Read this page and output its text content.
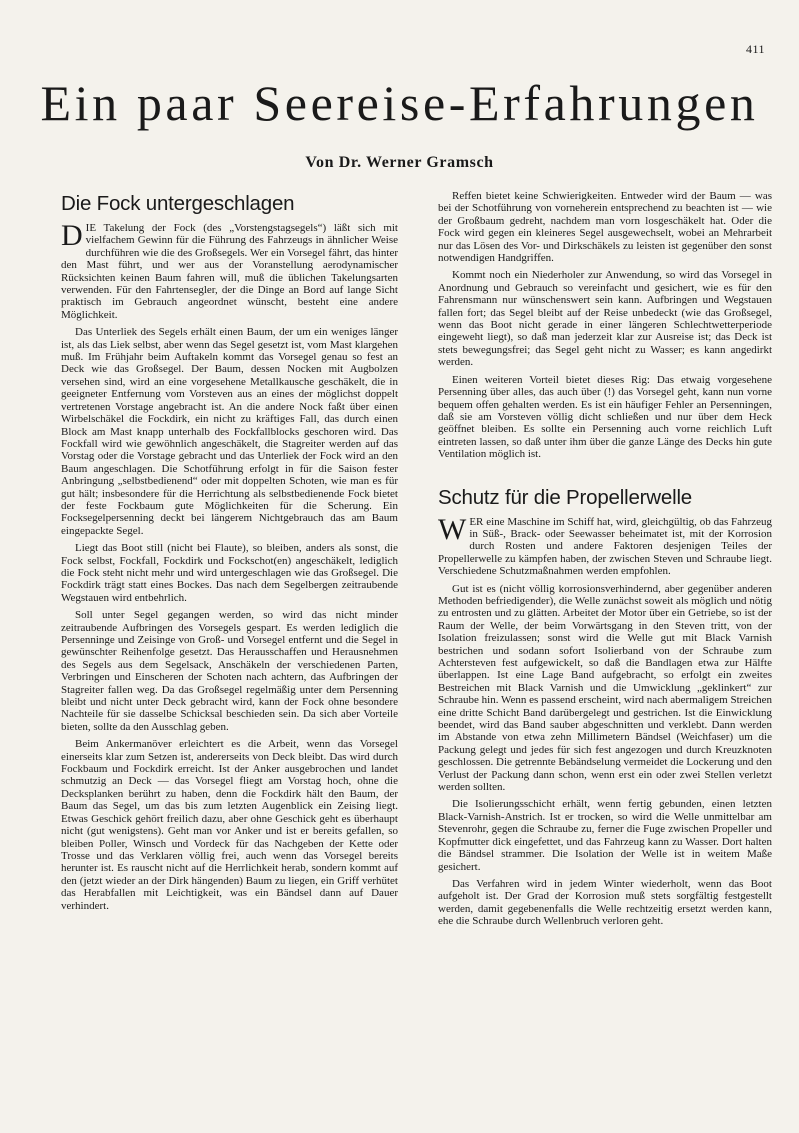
411
Ein paar Seereise-Erfahrungen
Von Dr. Werner Gramsch
Die Fock untergeschlagen

DIE Takelung der Fock (des „Vorstengstagsegels“) läßt sich mit vielfachem Gewinn für die Führung des Fahrzeugs in ähnlicher Weise durchführen wie die des Großsegels. Wer ein Vorsegel fährt, das hinter den Mast führt, und wer aus der Voranstellung aerodynamischer Rücksichten keinen Baum fahren will, muß die üblichen Takelungsarten verwenden. Für den Fahrtensegler, der die Dinge an Bord auf lange Sicht praktisch im Gebrauch angeordnet wünscht, besteht eine andere Möglichkeit.

Das Unterliek des Segels erhält einen Baum, der um ein weniges länger ist, als das Liek selbst, aber wenn das Segel gesetzt ist, vom Mast klargehen muß. Im Frühjahr beim Auftakeln kommt das Vorsegel genau so fest an Deck wie das Großsegel. Der Baum, dessen Nocken mit Augbolzen versehen sind, wird an eine vorgesehene Metallkausche geschäkelt, die in geeigneter Entfernung vom Vorsteven aus an eines der möglichst doppelt vertretenen Vorstage angebracht ist. An die andere Nock faßt über einen Wirbelschäkel die Fockdirk, ein nicht zu kräftiges Fall, das durch einen Block am Mast knapp unterhalb des Fockfallblocks geschoren wird. Das Fockfall wird wie gewöhnlich angeschäkelt, die Stagreiter werden auf das Vorstag oder die Vorstage gebracht und das Unterliek der Fock wird an den Baum angeschlagen. Die Schotführung erfolgt in für die Saison fester Anbringung „selbstbedienend“ oder mit doppelten Schoten, wie man es für gut hält; insbesondere für die Herrichtung als selbstbedienende Fock bietet der feste Fockbaum gute Möglichkeiten für die Scherung. Ein Focksegelpersenning deckt bei längerem Nichtgebrauch das am Baum eingepackte Segel.

Liegt das Boot still (nicht bei Flaute), so bleiben, anders als sonst, die Fock selbst, Fockfall, Fockdirk und Fockschot(en) angeschäkelt, lediglich die Fock steht nicht mehr und wird untergeschlagen wie das Großsegel. Die Fockdirk trägt statt eines Bockes. Das nach dem Segelbergen zeitraubende Wegstauen wird entbehrlich.

Soll unter Segel gegangen werden, so wird das nicht minder zeitraubende Aufbringen des Vorsegels gespart. Es werden lediglich die Persenninge und Zeisinge von Groß- und Vorsegel entfernt und die Segel in gewünschter Reihenfolge gesetzt. Das Herausschaffen und Herausnehmen des Segels aus dem Segelsack, Anschäkeln der verschiedenen Parten, Verbringen und Einscheren der Schoten nach achtern, das Aufbringen der Stagreiter fallen weg. Da das Großsegel regelmäßig unter dem Persenning bleibt und nicht unter Deck gebracht wird, kann der Fock ohne besondere Nachteile für sie dasselbe Schicksal beschieden sein. Da sich aber Vorteile bieten, sollte da den Ausschlag geben.

Beim Ankermanöver erleichtert es die Arbeit, wenn das Vorsegel einerseits klar zum Setzen ist, andererseits von Deck bleibt. Das wird durch Fockbaum und Fockdirk erreicht. Ist der Anker ausgebrochen und landet schmutzig an Deck — das Vorsegel fliegt am Vorstag hoch, ohne die Decksplanken berührt zu haben, denn die Fockdirk hält den Baum, der Baum das Segel, um das bis zum letzten Augenblick ein Zeising liegt. Etwas Geschick gehört freilich dazu, aber ohne Geschick geht es überhaupt nicht (gut wenigstens). Geht man vor Anker und ist er bereits gefallen, so bleiben Poller, Winsch und Vordeck für das Nachgeben der Kette oder Trosse und das Verklaren völlig frei, auch wenn das Vorsegel bereits herunter ist. Es rauscht nicht auf die Herrlichkeit herab, sondern kommt auf den (jetzt wieder an der Dirk hängenden) Baum zu liegen, ein Griff verhütet das Herabfallen mit Leichtigkeit, was ein Bändsel dann auf Dauer verhindert.

Reffen bietet keine Schwierigkeiten. Entweder wird der Baum — was bei der Schotführung von vorneherein entsprechend zu beachten ist — wie der Großbaum gedreht, nachdem man vorn losgeschäkelt hat. Oder die Fock wird gegen ein kleineres Segel ausgewechselt, wobei an Mehrarbeit nur das Lösen des Vor- und Dirkschäkels zu leisten ist gegenüber den sonst notwendigen Handgriffen.

Kommt noch ein Niederholer zur Anwendung, so wird das Vorsegel in Anordnung und Gebrauch so vereinfacht und gesichert, wie es für den Fahrensmann nur wünschenswert sein kann. Aufbringen und Wegstauen fallen fort; das Segel bleibt auf der Reise unbedeckt (wie das Großsegel, wenn das Boot nicht gerade in einer längeren Schlechtwetterperiode eingeweht liegt), so daß man jederzeit klar zur Ausreise ist; das Deck ist stets bewegungsfrei; das Segel geht nicht zu Wasser; es kann angedirkt werden.

Einen weiteren Vorteil bietet dieses Rig: Das etwaig vorgesehene Persenning über alles, das auch über (!) das Vorsegel geht, kann nun vorne bequem offen gehalten werden. Es ist ein häufiger Fehler an Persenningen, daß sie am Vorsteven völlig dicht schließen und nur über dem Heck geöffnet bleiben. Es sollte ein Persenning auch vorne reichlich Luft eintreten lassen, so daß unter ihm über die ganze Länge des Decks hin gute Ventilation möglich ist.

Schutz für die Propellerwelle

WER eine Maschine im Schiff hat, wird, gleichgültig, ob das Fahrzeug in Süß-, Brack- oder Seewasser beheimatet ist, mit der Korrosion durch Rosten und andere Faktoren desjenigen Teiles der Propellerwelle zu kämpfen haben, der zwischen Steven und Schraube liegt. Verschiedene Schutzmaßnahmen werden empfohlen.

Gut ist es (nicht völlig korrosionsverhindernd, aber gegenüber anderen Methoden befriedigender), die Welle zunächst soweit als möglich und nötig zu entrosten und zu glätten. Arbeitet der Motor über ein Getriebe, so ist der Raum der Welle, der beim Vorwärtsgang in den Steven tritt, von der Isolation freizulassen; sonst wird die Welle gut mit Black Varnish bestrichen und sodann sofort Isolierband von der Schraube zum Achtersteven fest aufgewickelt, so daß die Bandlagen etwa zur Hälfte überlappen. Ist eine Lage Band aufgebracht, so erfolgt ein zweites Bestreichen mit Black Varnish und die Umwicklung „geklinkert“ zur Schraube hin. Wenn es passend erscheint, wird nach abermaligem Streichen eine dritte Schicht Band darübergelegt und gestrichen. Ist die Einwicklung beendet, wird das Band sauber abgeschnitten und verklebt. Dann werden im Abstande von etwa zehn Millimetern Bändsel (Weichfaser) um die Packung gelegt und jedes für sich fest angezogen und durch Kreuzknoten geschlossen. Die getrennte Bebändselung vermeidet die Lockerung und den Verlust der Packung dann schon, wenn erst ein oder zwei Stellen verletzt werden sollten.

Die Isolierungsschicht erhält, wenn fertig gebunden, einen letzten Black-Varnish-Anstrich. Ist er trocken, so wird die Welle unmittelbar am Stevenrohr, gegen die Schraube zu, ferner die Fuge zwischen Propeller und Kopfmutter dick eingefettet, und das Fahrzeug kann zu Wasser. Dort halten die Bändsel strammer. Die Isolation der Welle ist in weitem Maße gesichert.

Das Verfahren wird in jedem Winter wiederholt, wenn das Boot aufgeholt ist. Der Grad der Korrosion muß stets sorgfältig festgestellt werden, damit gegebenenfalls die Welle rechtzeitig ersetzt werden kann, ehe die Schraube durch Wellenbruch verloren geht.
